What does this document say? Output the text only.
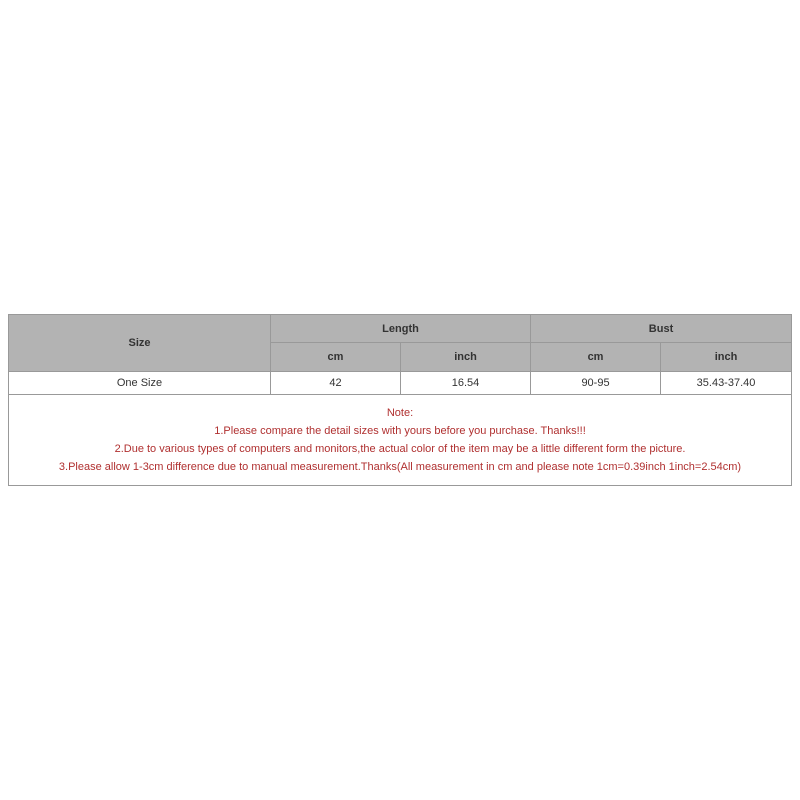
Size	Length		Bust	
	cm	inch	cm	inch
One Size	42	16.54	90-95	35.43-37.40

Note:
1.Please compare the detail sizes with yours before you purchase. Thanks!!!
2.Due to various types of computers and monitors,the actual color of the item may be a little different form the picture.
3.Please allow 1-3cm difference due to manual measurement.Thanks(All measurement in cm and please note 1cm=0.39inch 1inch=2.54cm)				
